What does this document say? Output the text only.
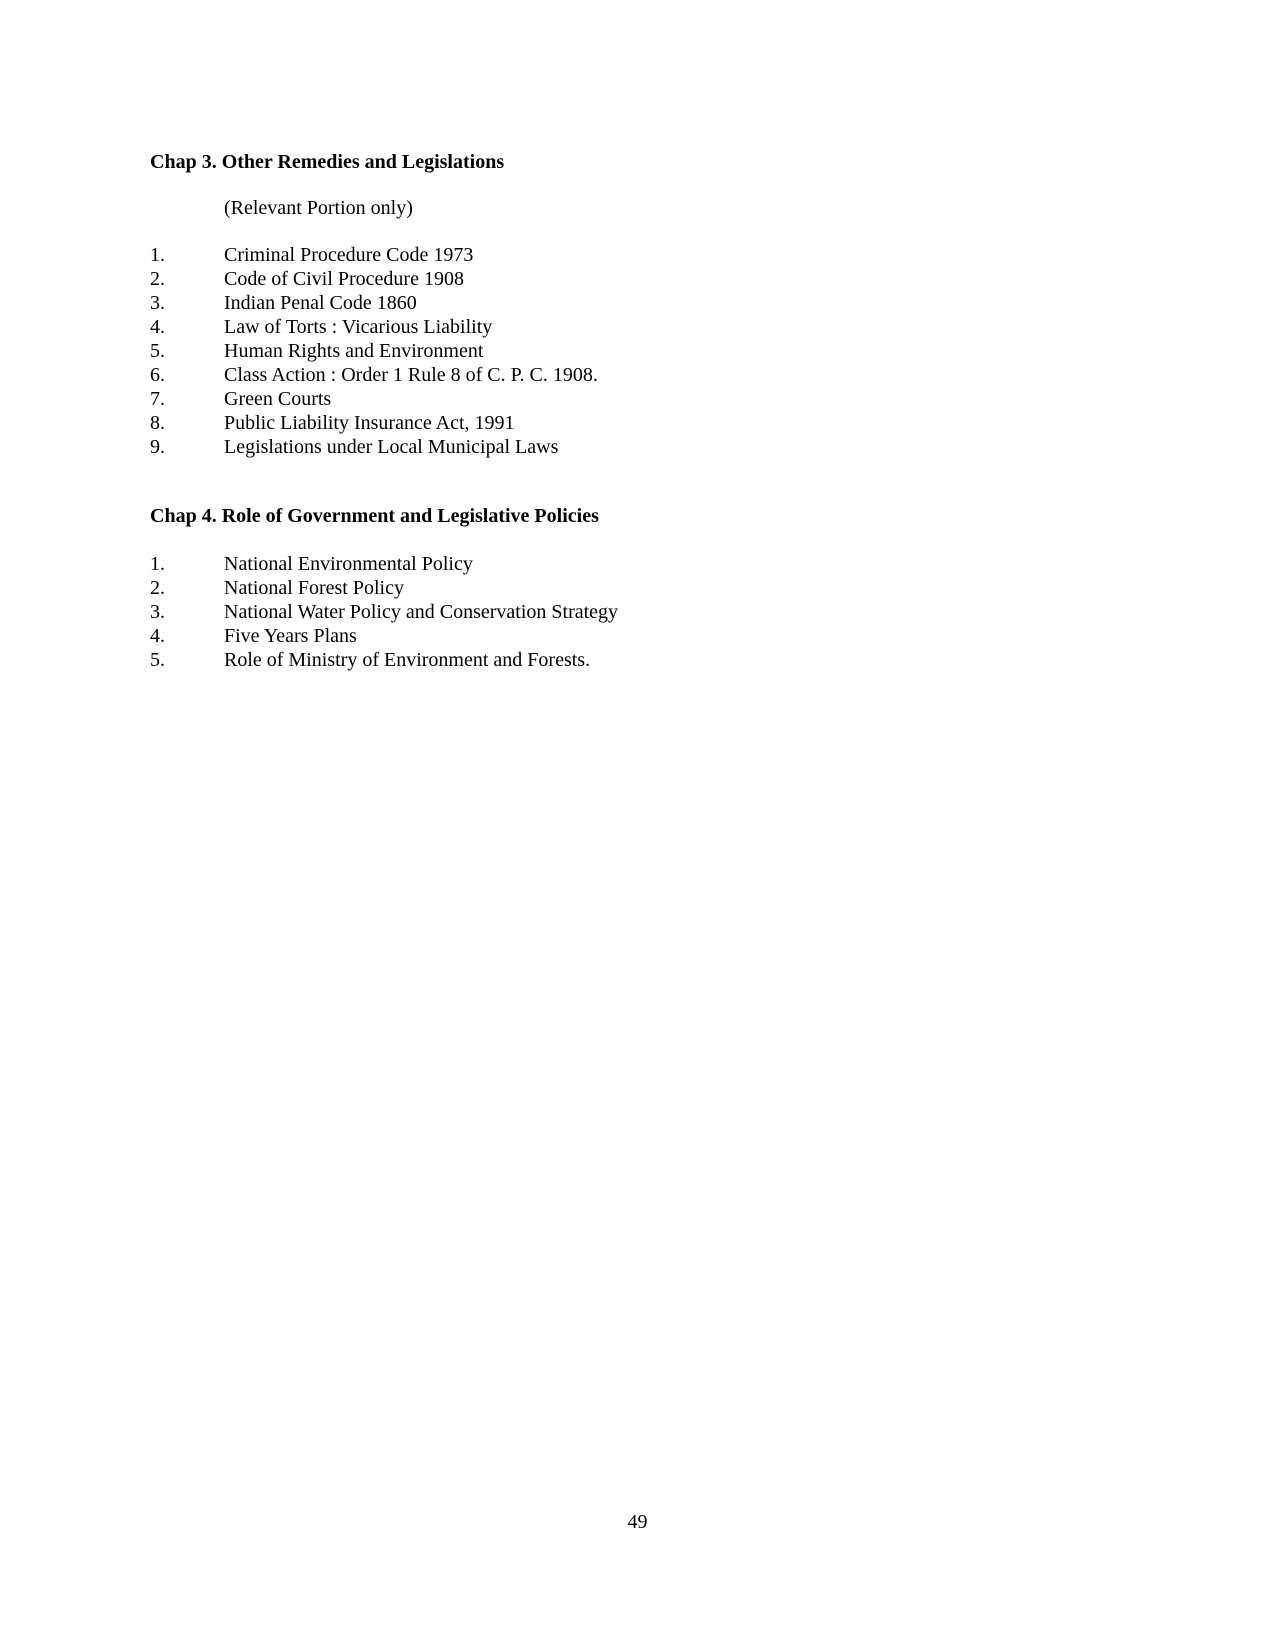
Chap 3. Other Remedies and Legislations
(Relevant Portion only)
1.	Criminal Procedure Code 1973
2.	Code of Civil Procedure 1908
3.	Indian Penal Code 1860
4.	Law of Torts : Vicarious Liability
5.	Human Rights and Environment
6.	Class Action : Order 1 Rule 8 of C. P. C. 1908.
7.	Green Courts
8.	Public Liability Insurance Act, 1991
9.	Legislations under Local Municipal Laws
Chap 4. Role of Government and Legislative Policies
1.	National Environmental Policy
2.	National Forest Policy
3.	National Water Policy and Conservation Strategy
4.	Five Years Plans
5.	Role of Ministry of Environment and Forests.
49
